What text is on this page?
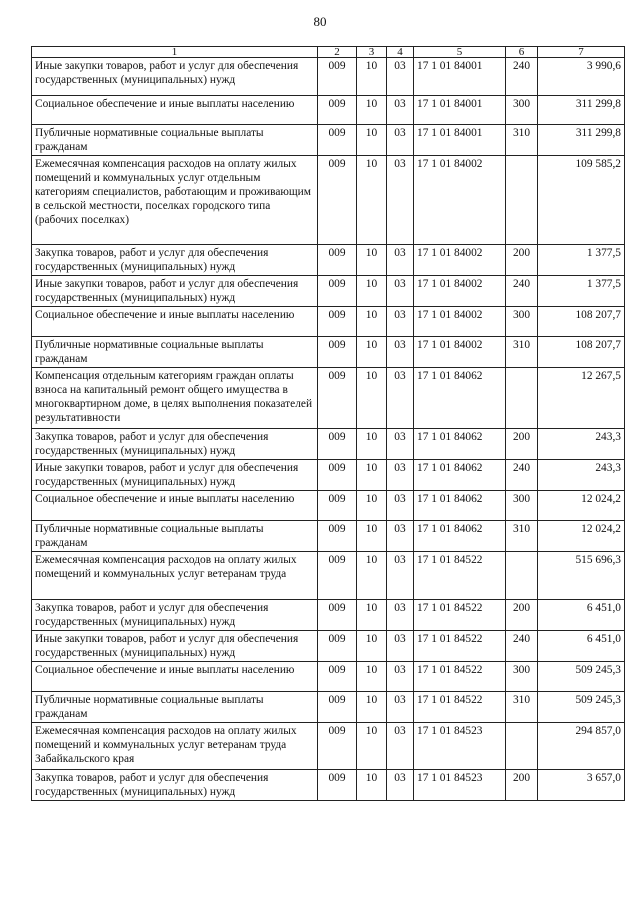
80
1	2	3	4	5	6	7
Иные закупки товаров, работ и услуг для обеспечения государственных (муниципальных) нужд	009	10	03	17 1 01 84001	240	3 990,6
Социальное обеспечение и иные выплаты населению	009	10	03	17 1 01 84001	300	311 299,8
Публичные нормативные социальные выплаты гражданам	009	10	03	17 1 01 84001	310	311 299,8
Ежемесячная компенсация расходов на оплату жилых помещений и коммунальных услуг отдельным категориям специалистов, работающим и проживающим в сельской местности, поселках городского типа (рабочих поселках)	009	10	03	17 1 01 84002		109 585,2
Закупка товаров, работ и услуг для обеспечения государственных (муниципальных) нужд	009	10	03	17 1 01 84002	200	1 377,5
Иные закупки товаров, работ и услуг для обеспечения государственных (муниципальных) нужд	009	10	03	17 1 01 84002	240	1 377,5
Социальное обеспечение и иные выплаты населению	009	10	03	17 1 01 84002	300	108 207,7
Публичные нормативные социальные выплаты гражданам	009	10	03	17 1 01 84002	310	108 207,7
Компенсация отдельным категориям граждан оплаты взноса на капитальный ремонт общего имущества в многоквартирном доме, в целях выполнения показателей результативности	009	10	03	17 1 01 84062		12 267,5
Закупка товаров, работ и услуг для обеспечения государственных (муниципальных) нужд	009	10	03	17 1 01 84062	200	243,3
Иные закупки товаров, работ и услуг для обеспечения государственных (муниципальных) нужд	009	10	03	17 1 01 84062	240	243,3
Социальное обеспечение и иные выплаты населению	009	10	03	17 1 01 84062	300	12 024,2
Публичные нормативные социальные выплаты гражданам	009	10	03	17 1 01 84062	310	12 024,2
Ежемесячная компенсация расходов на оплату жилых помещений и коммунальных услуг ветеранам труда	009	10	03	17 1 01 84522		515 696,3
Закупка товаров, работ и услуг для обеспечения государственных (муниципальных) нужд	009	10	03	17 1 01 84522	200	6 451,0
Иные закупки товаров, работ и услуг для обеспечения государственных (муниципальных) нужд	009	10	03	17 1 01 84522	240	6 451,0
Социальное обеспечение и иные выплаты населению	009	10	03	17 1 01 84522	300	509 245,3
Публичные нормативные социальные выплаты гражданам	009	10	03	17 1 01 84522	310	509 245,3
Ежемесячная компенсация расходов на оплату жилых помещений и коммунальных услуг ветеранам труда Забайкальского края	009	10	03	17 1 01 84523		294 857,0
Закупка товаров, работ и услуг для обеспечения государственных (муниципальных) нужд	009	10	03	17 1 01 84523	200	3 657,0
